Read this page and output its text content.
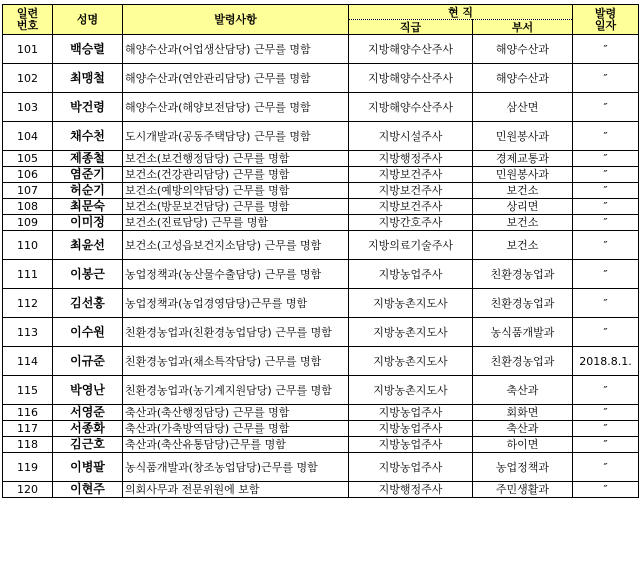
일련
번호	성명	발령사항	현 직		발령
일자
			직급	부서	
101	백승렬	해양수산과(어업생산담당) 근무를 명함	지방해양수산주사	해양수산과	″
102	최맹철	해양수산과(연안관리담당) 근무를 명함	지방해양수산주사	해양수산과	″
103	박건령	해양수산과(해양보전담당) 근무를 명함	지방해양수산주사	삼산면	″
104	채수천	도시개발과(공동주택담당) 근무를 명함	지방시설주사	민원봉사과	″
105	제종철	보건소(보건행정담당) 근무를 명함	지방행정주사	경제교통과	″
106	염준기	보건소(건강관리담당) 근무를 명함	지방보건주사	민원봉사과	″
107	허순기	보건소(예방의약담당) 근무를 명함	지방보건주사	보건소	″
108	최문숙	보건소(방문보건담당) 근무를 명함	지방보건주사	상리면	″
109	이미정	보건소(진료담당) 근무를 명함	지방간호주사	보건소	″
110	최윤선	보건소(고성읍보건지소담당) 근무를 명함	지방의료기술주사	보건소	″
111	이봉근	농업정책과(농산물수출담당) 근무를 명함	지방농업주사	친환경농업과	″
112	김선홍	농업정책과(농업경영담당)근무를 명함	지방농촌지도사	친환경농업과	″
113	이수원	친환경농업과(친환경농업담당) 근무를 명함	지방농촌지도사	농식품개발과	″
114	이규준	친환경농업과(채소특작담당) 근무를 명함	지방농촌지도사	친환경농업과	2018.8.1.
115	박영난	친환경농업과(농기계지원담당) 근무를 명함	지방농촌지도사	축산과	″
116	서영준	축산과(축산행정담당) 근무를 명함	지방농업주사	회화면	″
117	서종화	축산과(가축방역담당) 근무를 명함	지방농업주사	축산과	″
118	김근호	축산과(축산유통담당)근무를 명함	지방농업주사	하이면	″
119	이병팔	농식품개발과(창조농업담당)근무를 명함	지방농업주사	농업정책과	″
120	이현주	의회사무과 전문위원에 보함	지방행정주사	주민생활과	″
